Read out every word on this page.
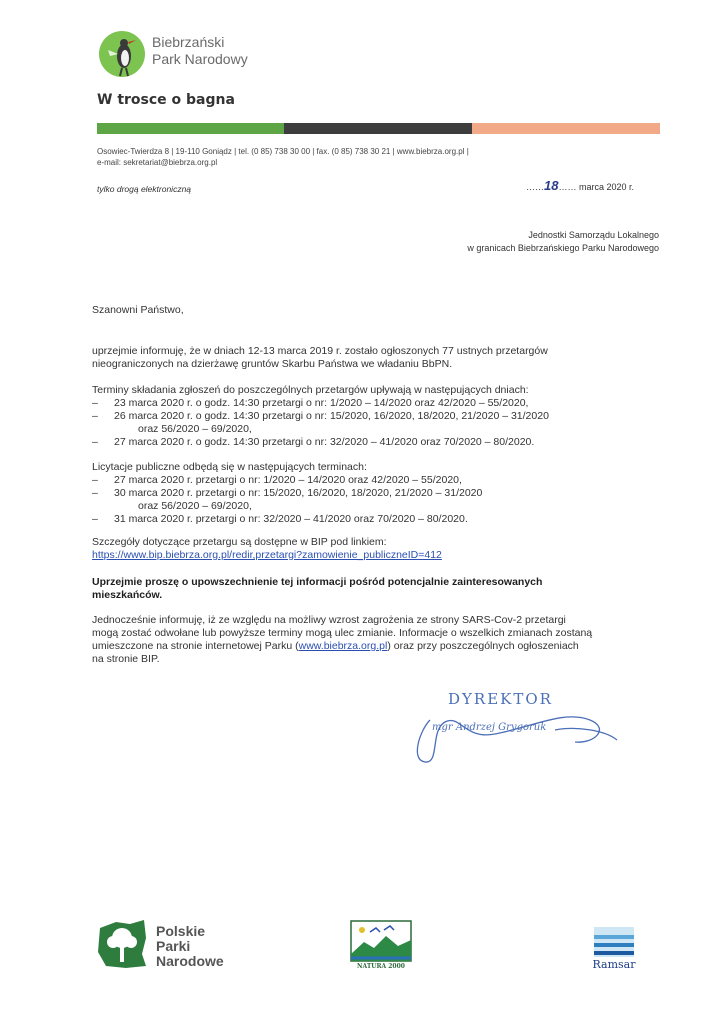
Biebrzański
Park Narodowy
W trosce o bagna
Osowiec-Twierdza 8 | 19-110 Goniądz | tel. (0 85) 738 30 00 | fax. (0 85) 738 30 21 | www.biebrza.org.pl |
e-mail: sekretariat@biebrza.org.pl
tylko drogą elektroniczną	……18…… marca 2020 r.
Jednostki Samorządu Lokalnego
w granicach Biebrzańskiego Parku Narodowego
Szanowni Państwo,
uprzejmie informuję, że w dniach 12-13 marca 2019 r. zostało ogłoszonych 77 ustnych przetargów
nieograniczonych na dzierżawę gruntów Skarbu Państwa we władaniu BbPN.
Terminy składania zgłoszeń do poszczególnych przetargów upływają w następujących dniach:
– 23 marca 2020 r. o godz. 14:30 przetargi o nr: 1/2020 – 14/2020 oraz 42/2020 – 55/2020,
– 26 marca 2020 r. o godz. 14:30 przetargi o nr: 15/2020, 16/2020, 18/2020, 21/2020 – 31/2020
oraz 56/2020 – 69/2020,
– 27 marca 2020 r. o godz. 14:30 przetargi o nr: 32/2020 – 41/2020 oraz 70/2020 – 80/2020.
Licytacje publiczne odbędą się w następujących terminach:
– 27 marca 2020 r. przetargi o nr: 1/2020 – 14/2020 oraz 42/2020 – 55/2020,
– 30 marca 2020 r. przetargi o nr: 15/2020, 16/2020, 18/2020, 21/2020 – 31/2020
oraz 56/2020 – 69/2020,
– 31 marca 2020 r. przetargi o nr: 32/2020 – 41/2020 oraz 70/2020 – 80/2020.
Szczegóły dotyczące przetargu są dostępne w BIP pod linkiem:
https://www.bip.biebrza.org.pl/redir,przetargi?zamowienie_publiczneID=412
Uprzejmie proszę o upowszechnienie tej informacji pośród potencjalnie zainteresowanych
mieszkańców.
Jednocześnie informuję, iż ze względu na możliwy wzrost zagrożenia ze strony SARS-Cov-2 przetargi
mogą zostać odwołane lub powyższe terminy mogą ulec zmianie. Informacje o wszelkich zmianach zostaną
umieszczone na stronie internetowej Parku (www.biebrza.org.pl) oraz przy poszczególnych ogłoszeniach
na stronie BIP.
DYREKTOR
mgr Andrzej Grygoruk
Polskie
Parki
Narodowe	NATURA 2000	Ramsar
